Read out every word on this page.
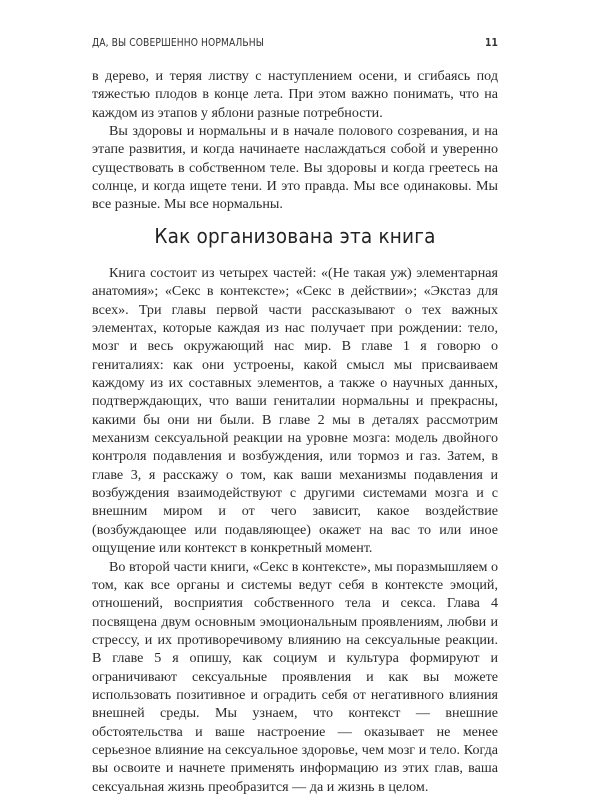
ДА, ВЫ СОВЕРШЕННО НОРМАЛЬНЫ	11

в дерево, и теряя листву с наступлением осени, и сгибаясь под тяжестью плодов в конце лета. При этом важно понимать, что на каждом из этапов у яблони разные потребности.

Вы здоровы и нормальны и в начале полового созревания, и на этапе развития, и когда начинаете наслаждаться собой и уверенно существовать в собственном теле. Вы здоровы и когда греетесь на солнце, и когда ищете тени. И это правда. Мы все одинаковы. Мы все разные. Мы все нормальны.

Как организована эта книга

Книга состоит из четырех частей: «(Не такая уж) элементарная анатомия»; «Секс в контексте»; «Секс в действии»; «Экстаз для всех». Три главы первой части рассказывают о тех важных элементах, которые каждая из нас получает при рождении: тело, мозг и весь окружающий нас мир. В главе 1 я говорю о гениталиях: как они устроены, какой смысл мы присваиваем каждому из их составных элементов, а также о научных данных, подтверждающих, что ваши гениталии нормальны и прекрасны, какими бы они ни были. В главе 2 мы в деталях рассмотрим механизм сексуальной реакции на уровне мозга: модель двойного контроля подавления и возбуждения, или тормоз и газ. Затем, в главе 3, я расскажу о том, как ваши механизмы подавления и возбуждения взаимодействуют с другими системами мозга и с внешним миром и от чего зависит, какое воздействие (возбуждающее или подавляющее) окажет на вас то или иное ощущение или контекст в конкретный момент.

Во второй части книги, «Секс в контексте», мы поразмышляем о том, как все органы и системы ведут себя в контексте эмоций, отношений, восприятия собственного тела и секса. Глава 4 посвящена двум основным эмоциональным проявлениям, любви и стрессу, и их противоречивому влиянию на сексуальные реакции. В главе 5 я опишу, как социум и культура формируют и ограничивают сексуальные проявления и как вы можете использовать позитивное и оградить себя от негативного влияния внешней среды. Мы узнаем, что контекст — внешние обстоятельства и ваше настроение — оказывает не менее серьезное влияние на сексуальное здоровье, чем мозг и тело. Когда вы освоите и начнете применять информацию из этих глав, ваша сексуальная жизнь преобразится — да и жизнь в целом.
